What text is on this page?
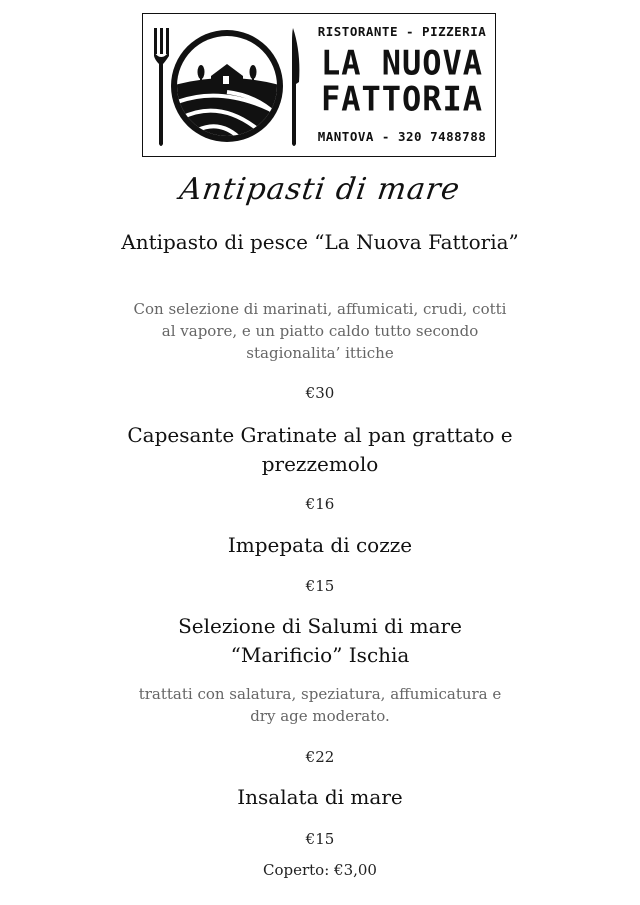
RISTORANTE - PIZZERIA
LA NUOVA
FATTORIA
MANTOVA - 320 7488788
Antipasti di mare
Antipasto di pesce “La Nuova Fattoria”
Con selezione di marinati, affumicati, crudi, cotti al vapore, e un piatto caldo tutto secondo stagionalita’ ittiche
€30
Capesante Gratinate al pan grattato e prezzemolo
€16
Impepata di cozze
€15
Selezione di Salumi di mare “Marificio” Ischia
trattati con salatura, speziatura, affumicatura e dry age moderato.
€22
Insalata di mare
€15
Coperto: €3,00
